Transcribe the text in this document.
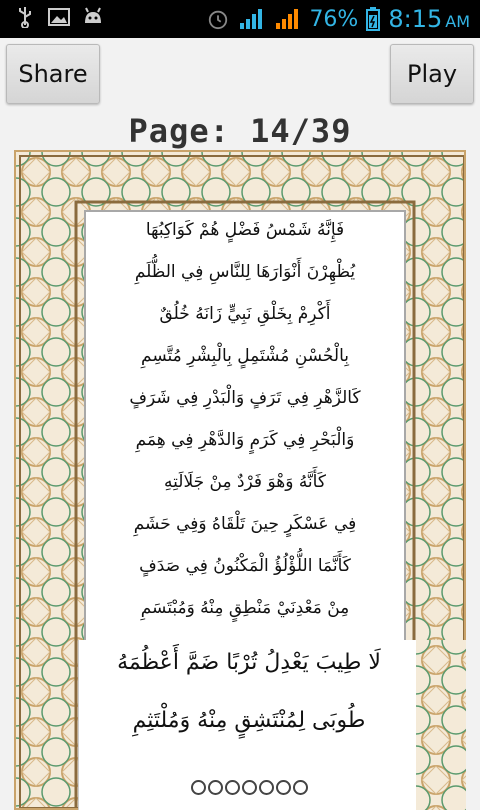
76% 8:15 AM
Share	Play
Page: 14/39
فَإِنَّهُ شَمْسُ فَضْلٍ هُمْ كَوَاكِبُهَا
يُظْهِرْنَ أَنْوَارَهَا لِلنَّاسِ فِي الظُّلَمِ
أَكْرِمْ بِخَلْقِ نَبِيٍّ زَانَهُ خُلُقٌ
بِالْحُسْنِ مُشْتَمِلٍ بِالْبِشْرِ مُتَّسِمِ
كَالزَّهْرِ فِي تَرَفٍ وَالْبَدْرِ فِي شَرَفٍ
وَالْبَحْرِ فِي كَرَمٍ وَالدَّهْرِ فِي هِمَمِ
كَأَنَّهُ وَهْوَ فَرْدٌ مِنْ جَلَالَتِهِ
فِي عَسْكَرٍ حِينَ تَلْقَاهُ وَفِي حَشَمِ
كَأَنَّمَا اللُّؤْلُؤُ الْمَكْنُونُ فِي صَدَفٍ
مِنْ مَعْدِنَيْ مَنْطِقٍ مِنْهُ وَمُبْتَسَمِ
لَا طِيبَ يَعْدِلُ تُرْبًا ضَمَّ أَعْظُمَهُ
طُوبَى لِمُنْتَشِقٍ مِنْهُ وَمُلْتَثِمِ
